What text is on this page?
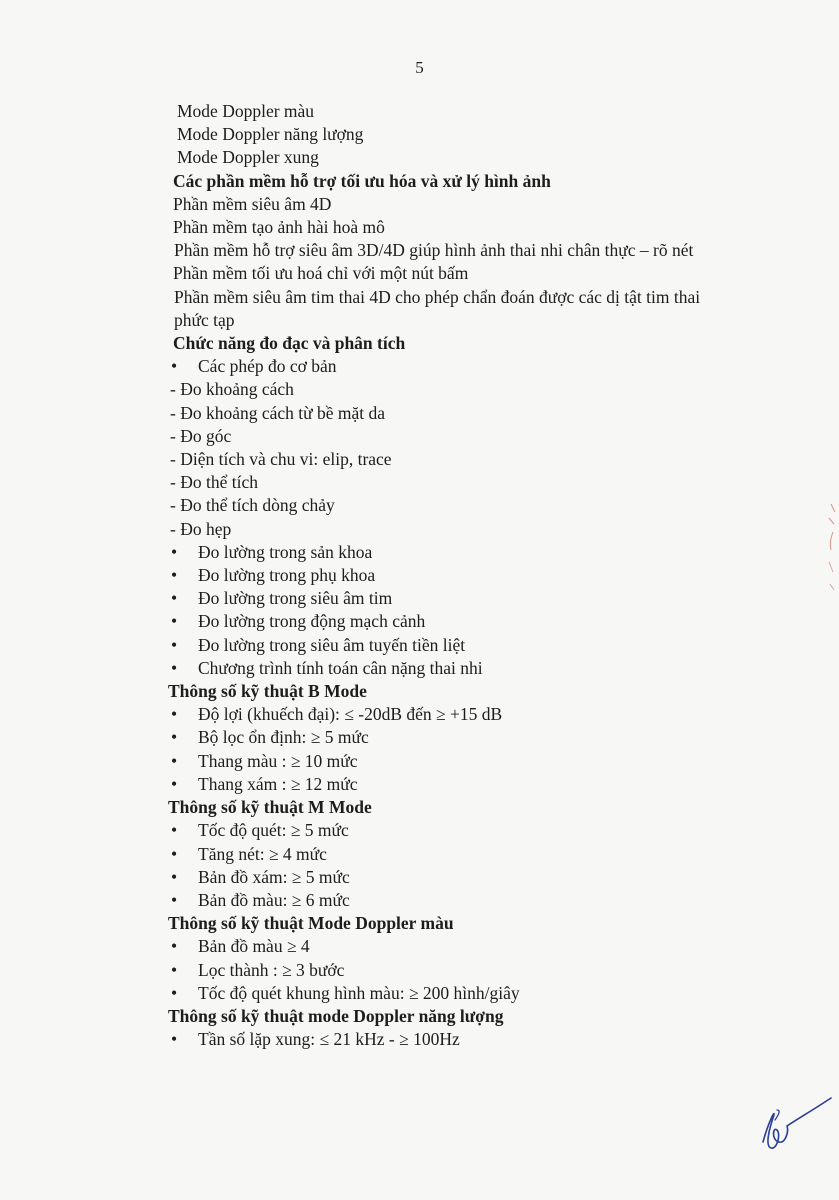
5
Mode Doppler màu
Mode Doppler năng lượng
Mode Doppler xung
Các phần mềm hỗ trợ tối ưu hóa và xử lý hình ảnh
Phần mềm siêu âm 4D
Phần mềm tạo ảnh hài hoà mô
Phần mềm hỗ trợ siêu âm 3D/4D giúp hình ảnh thai nhi chân thực – rõ nét
Phần mềm tối ưu hoá chỉ với một nút bấm
Phần mềm siêu âm tim thai 4D cho phép chẩn đoán được các dị tật tim thai phức tạp
Chức năng đo đạc và phân tích
• Các phép đo cơ bản
- Đo khoảng cách
- Đo khoảng cách từ bề mặt da
- Đo góc
- Diện tích và chu vi: elip, trace
- Đo thể tích
- Đo thể tích dòng chảy
- Đo hẹp
• Đo lường trong sản khoa
• Đo lường trong phụ khoa
• Đo lường trong siêu âm tim
• Đo lường trong động mạch cảnh
• Đo lường trong siêu âm tuyến tiền liệt
• Chương trình tính toán cân nặng thai nhi
Thông số kỹ thuật B Mode
• Độ lợi (khuếch đại): ≤ -20dB đến ≥ +15 dB
• Bộ lọc ổn định: ≥ 5 mức
• Thang màu : ≥ 10 mức
• Thang xám : ≥ 12 mức
Thông số kỹ thuật M Mode
• Tốc độ quét: ≥ 5 mức
• Tăng nét: ≥ 4 mức
• Bản đồ xám: ≥ 5 mức
• Bản đồ màu: ≥ 6 mức
Thông số kỹ thuật Mode Doppler màu
• Bản đồ màu ≥ 4
• Lọc thành : ≥ 3 bước
• Tốc độ quét khung hình màu: ≥ 200 hình/giây
Thông số kỹ thuật mode Doppler năng lượng
• Tần số lặp xung: ≤ 21 kHz - ≥ 100Hz
